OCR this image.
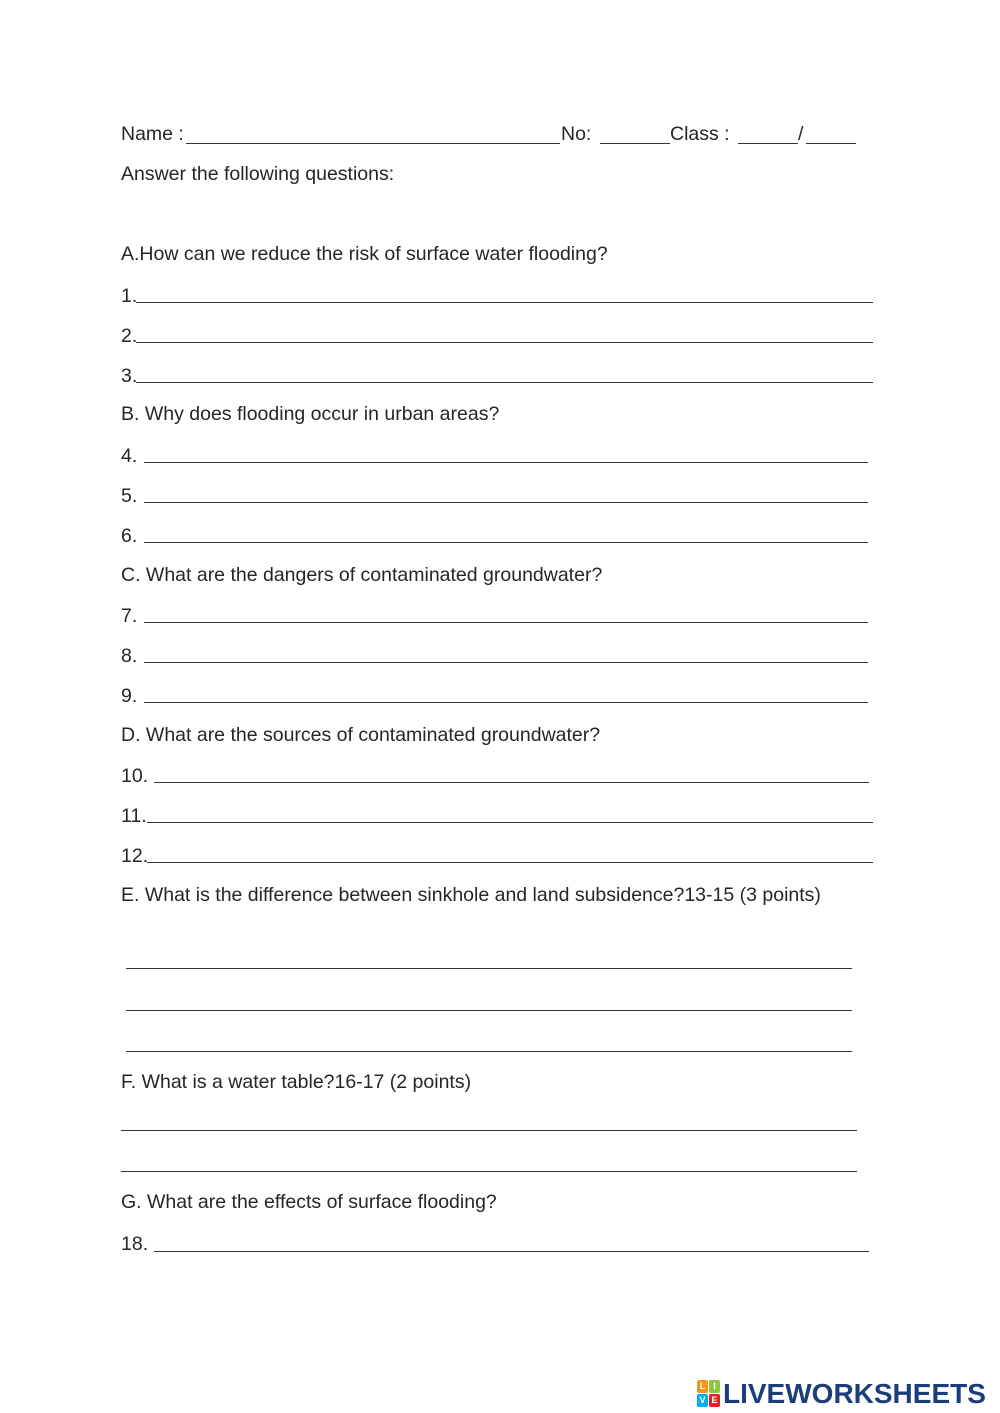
Name :	No:	Class :	/
Answer the following questions:
A.How can we reduce the risk of surface water flooding?
1.
2.
3.
B. Why does flooding occur in urban areas?
4.
5.
6.
C. What are the dangers of contaminated groundwater?
7.
8.
9.
D. What are the sources of contaminated groundwater?
10.
11.
12.
E. What is the difference between sinkhole and land subsidence?13-15 (3 points)
F. What is a water table?16-17 (2 points)
G. What are the effects of surface flooding?
18.
L I
V E LIVEWORKSHEETS
